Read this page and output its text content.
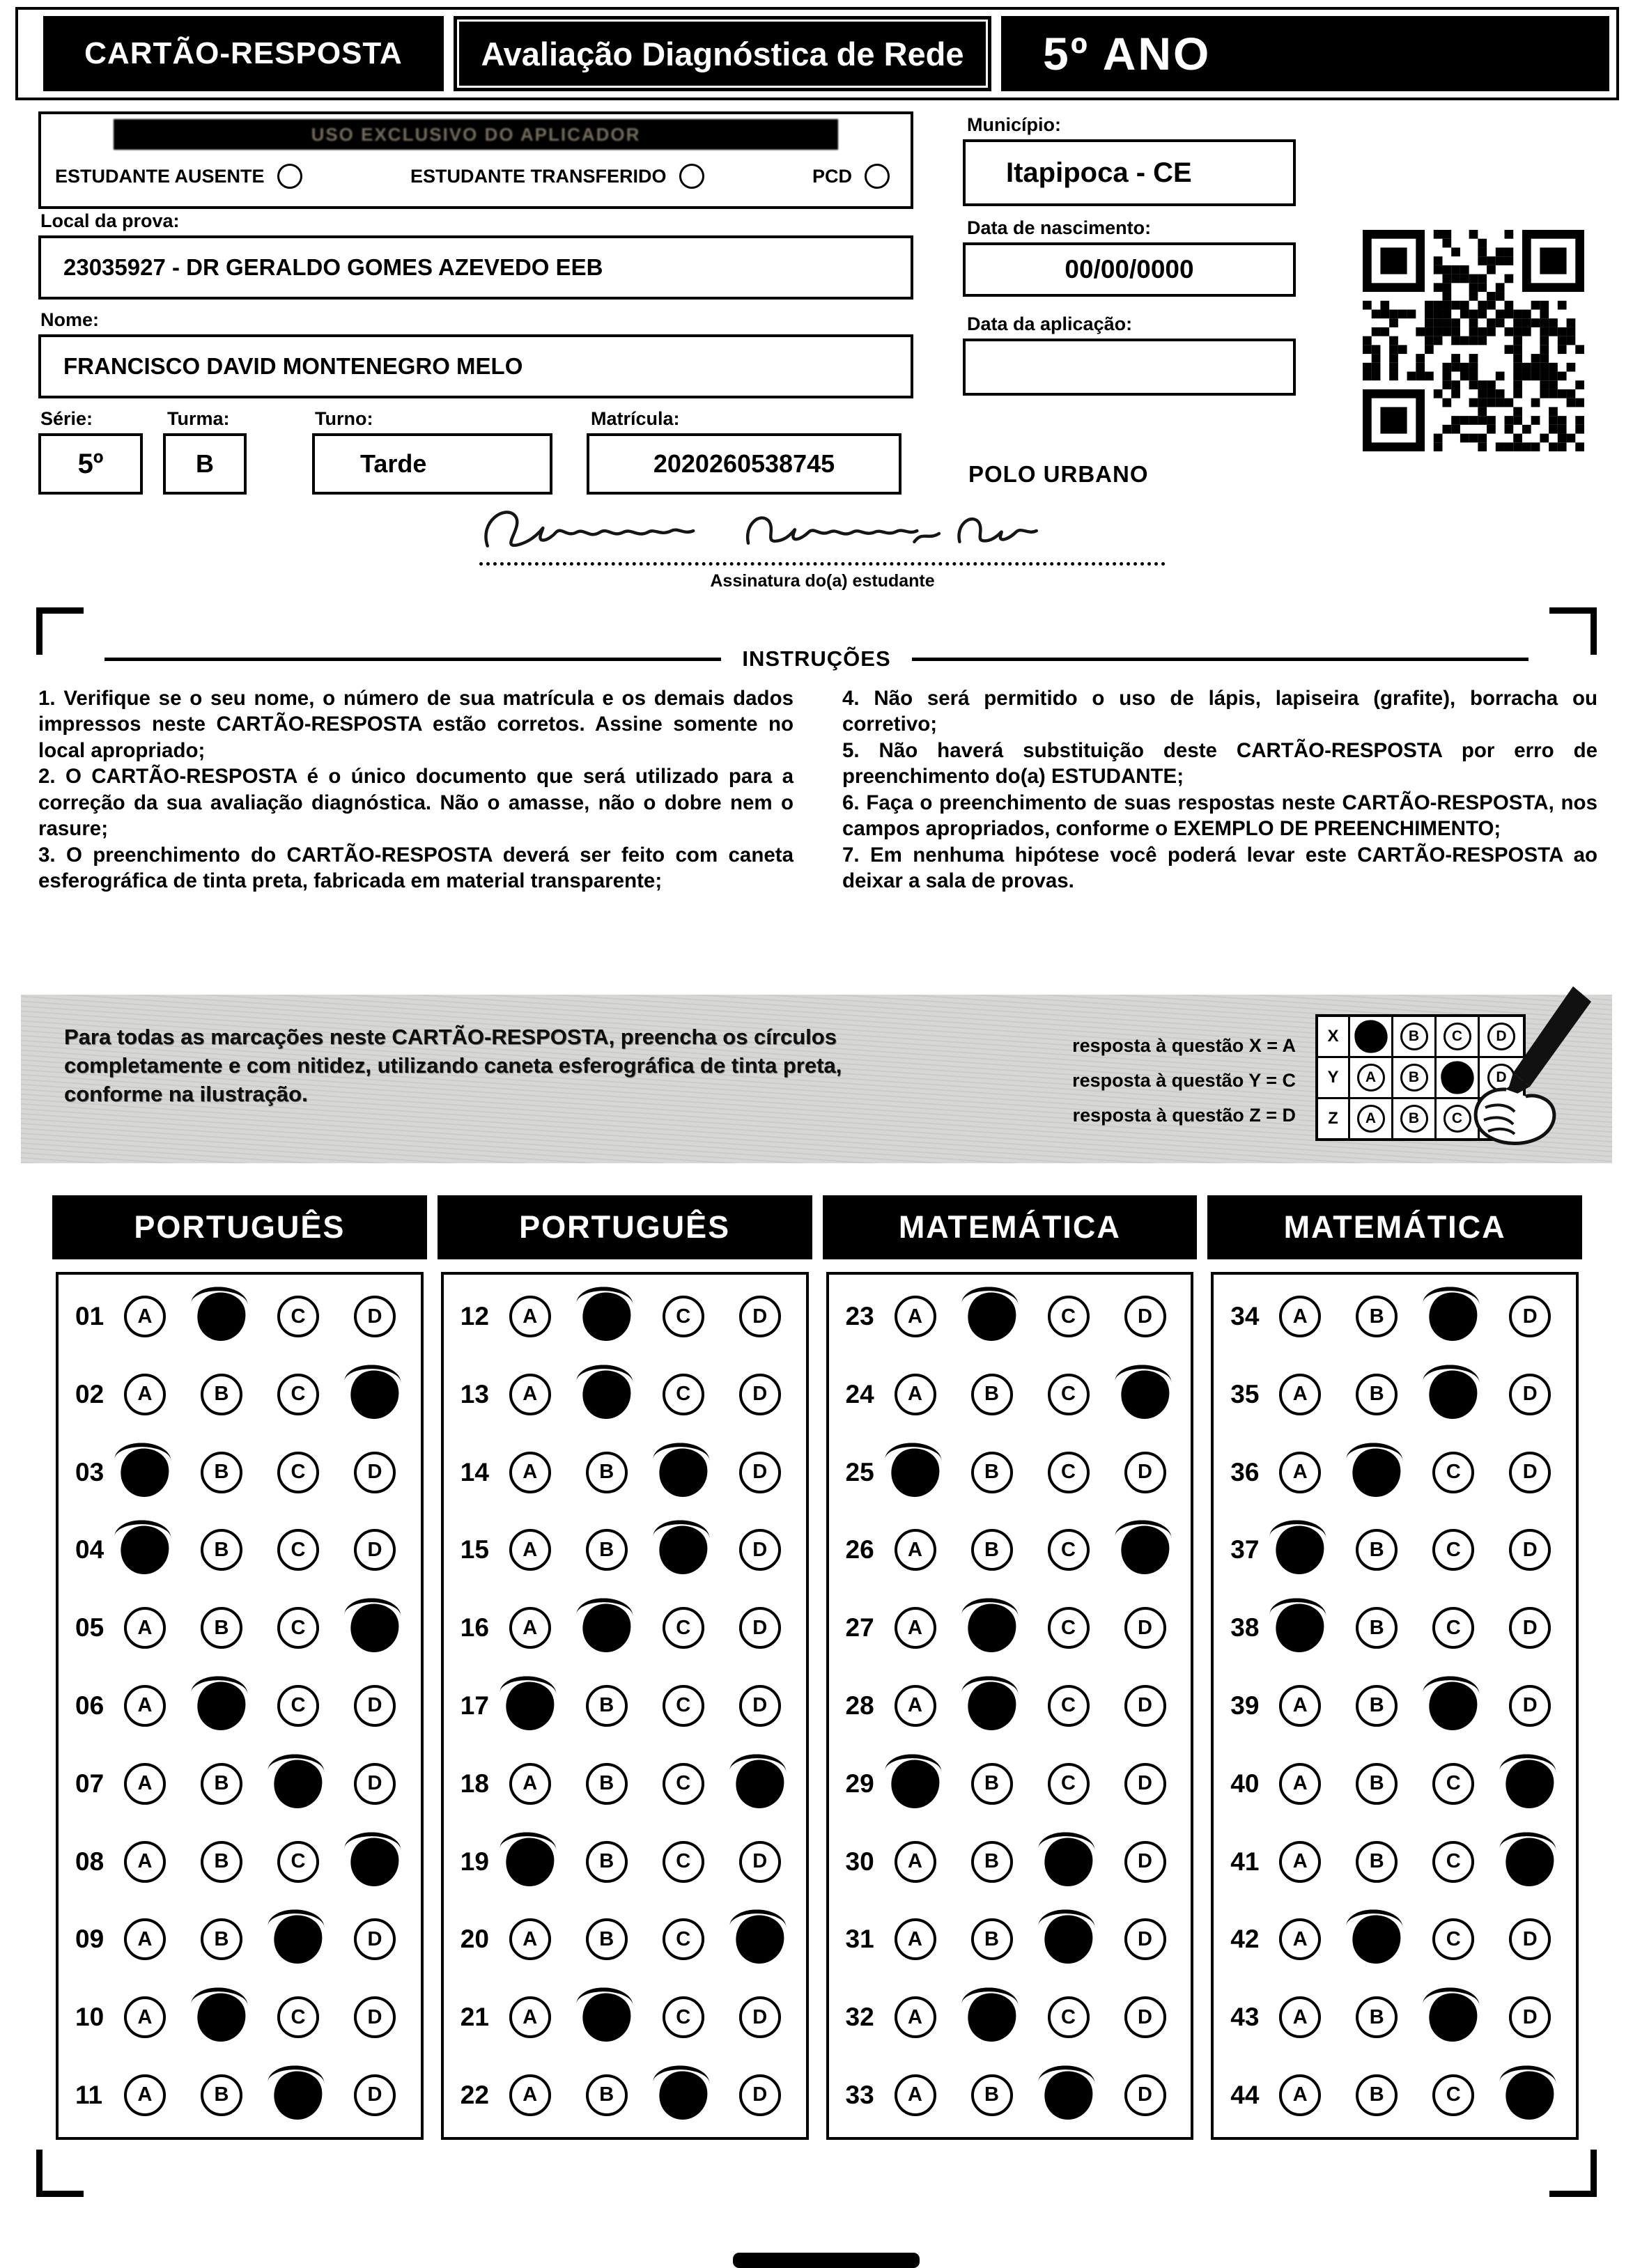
CARTÃO-RESPOSTA	Avaliação Diagnóstica de Rede	5º ANO
USO EXCLUSIVO DO APLICADOR
ESTUDANTE AUSENTE	ESTUDANTE TRANSFERIDO	PCD
Local da prova:
23035927 - DR GERALDO GOMES AZEVEDO EEB
Nome:
FRANCISCO DAVID MONTENEGRO MELO
Série:
5º
Turma:
B
Turno:
Tarde
Matrícula:
2020260538745
Município:
Itapipoca - CE
Data de nascimento:
00/00/0000
Data da aplicação:
POLO URBANO
Assinatura do(a) estudante
INSTRUÇÕES

1. Verifique se o seu nome, o número de sua matrícula e os demais dados impressos neste CARTÃO-RESPOSTA estão corretos. Assine somente no local apropriado;

2. O CARTÃO-RESPOSTA é o único documento que será utilizado para a correção da sua avaliação diagnóstica. Não o amasse, não o dobre nem o rasure;

3. O preenchimento do CARTÃO-RESPOSTA deverá ser feito com caneta esferográfica de tinta preta, fabricada em material transparente;

4. Não será permitido o uso de lápis, lapiseira (grafite), borracha ou corretivo;

5. Não haverá substituição deste CARTÃO-RESPOSTA por erro de preenchimento do(a) ESTUDANTE;

6. Faça o preenchimento de suas respostas neste CARTÃO-RESPOSTA, nos campos apropriados, conforme o EXEMPLO DE PREENCHIMENTO;

7. Em nenhuma hipótese você poderá levar este CARTÃO-RESPOSTA ao deixar a sala de provas.

Para todas as marcações neste CARTÃO-RESPOSTA, preencha os círculos completamente e com nitidez, utilizando caneta esferográfica de tinta preta, conforme na ilustração.
resposta à questão X = A
resposta à questão Y = C
resposta à questão Z = D
X	B	C	D
Y	A	B	D
Z	A	B	C
PORTUGUÊS
01	A	C	D
02	A	B	C
03	B	C	D
04	B	C	D
05	A	B	C
06	A	C	D
07	A	B	D
08	A	B	C
09	A	B	D
10	A	C	D
11	A	B	D
PORTUGUÊS
12	A	C	D
13	A	C	D
14	A	B	D
15	A	B	D
16	A	C	D
17	B	C	D
18	A	B	C
19	B	C	D
20	A	B	C
21	A	C	D
22	A	B	D
MATEMÁTICA
23	A	C	D
24	A	B	C
25	B	C	D
26	A	B	C
27	A	C	D
28	A	C	D
29	B	C	D
30	A	B	D
31	A	B	D
32	A	C	D
33	A	B	D
MATEMÁTICA
34	A	B	D
35	A	B	D
36	A	C	D
37	B	C	D
38	B	C	D
39	A	B	D
40	A	B	C
41	A	B	C
42	A	C	D
43	A	B	D
44	A	B	C
